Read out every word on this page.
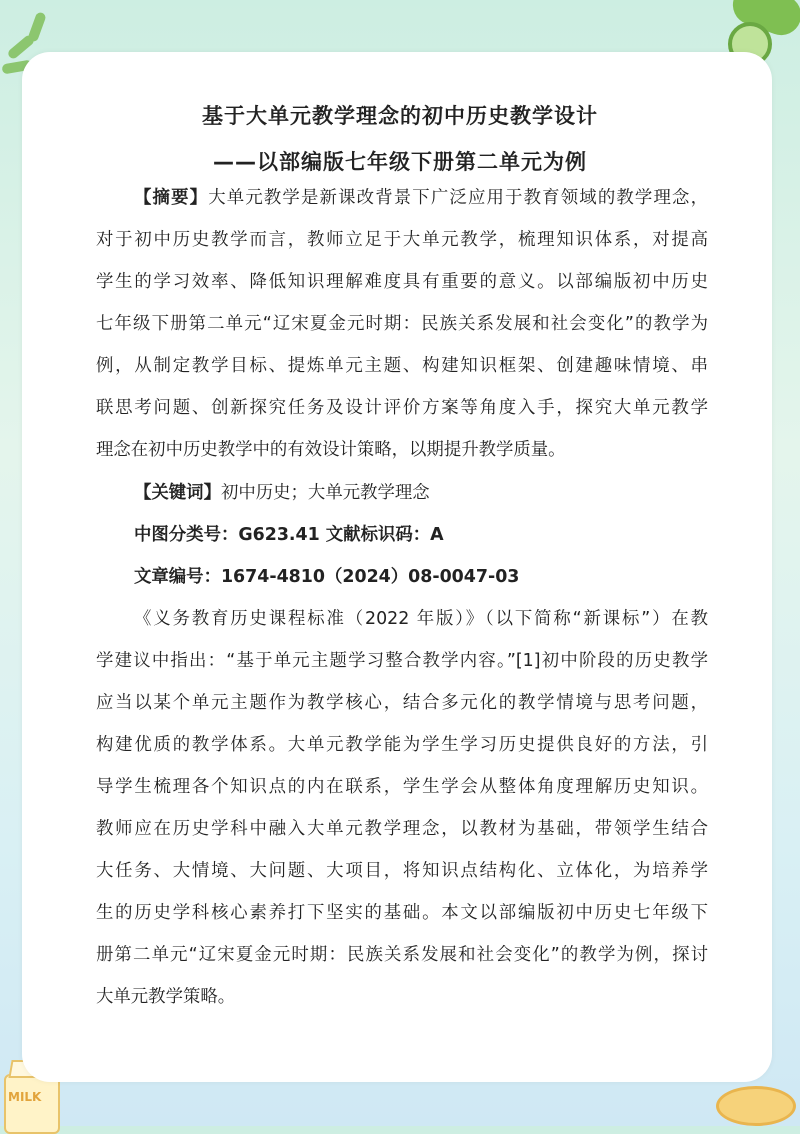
MILK
基于大单元教学理念的初中历史教学设计
——以部编版七年级下册第二单元为例
【摘要】大单元教学是新课改背景下广泛应用于教育领域的教学理念，
对于初中历史教学而言，教师立足于大单元教学，梳理知识体系，对提高
学生的学习效率、降低知识理解难度具有重要的意义。以部编版初中历史
七年级下册第二单元“辽宋夏金元时期：民族关系发展和社会变化”的教学为
例，从制定教学目标、提炼单元主题、构建知识框架、创建趣味情境、串
联思考问题、创新探究任务及设计评价方案等角度入手，探究大单元教学
理念在初中历史教学中的有效设计策略，以期提升教学质量。
【关键词】初中历史；大单元教学理念
中图分类号：G623.41 文献标识码：A
文章编号：1674-4810（2024）08-0047-03
《义务教育历史课程标准（2022 年版）》（以下简称“新课标”）在教
学建议中指出：“基于单元主题学习整合教学内容。”[1]初中阶段的历史教学
应当以某个单元主题作为教学核心，结合多元化的教学情境与思考问题，
构建优质的教学体系。大单元教学能为学生学习历史提供良好的方法，引
导学生梳理各个知识点的内在联系，学生学会从整体角度理解历史知识。
教师应在历史学科中融入大单元教学理念，以教材为基础，带领学生结合
大任务、大情境、大问题、大项目，将知识点结构化、立体化，为培养学
生的历史学科核心素养打下坚实的基础。本文以部编版初中历史七年级下
册第二单元“辽宋夏金元时期：民族关系发展和社会变化”的教学为例，探讨
大单元教学策略。
